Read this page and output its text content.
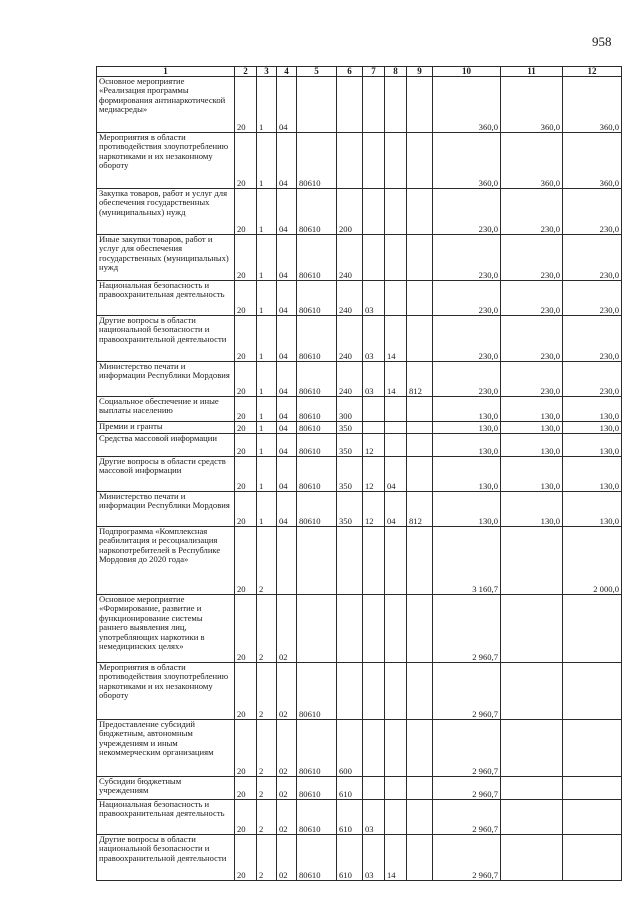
958
1	2	3	4	5	6	7	8	9	10	11	12
Основное мероприятие «Реализация программы формирования антинаркотической медиасреды»	20	1	04						360,0	360,0	360,0
Мероприятия в области противодействия злоупотреблению наркотиками и их незаконному обороту	20	1	04	80610					360,0	360,0	360,0
Закупка товаров, работ и услуг для обеспечения государственных (муниципальных) нужд	20	1	04	80610	200				230,0	230,0	230,0
Иные закупки товаров, работ и услуг для обеспечения государственных (муниципальных) нужд	20	1	04	80610	240				230,0	230,0	230,0
Национальная безопасность и правоохранительная деятельность	20	1	04	80610	240	03			230,0	230,0	230,0
Другие вопросы в области национальной безопасности и правоохранительной деятельности	20	1	04	80610	240	03	14		230,0	230,0	230,0
Министерство печати и информации Республики Мордовия	20	1	04	80610	240	03	14	812	230,0	230,0	230,0
Социальное обеспечение и иные выплаты населению	20	1	04	80610	300				130,0	130,0	130,0
Премии и гранты	20	1	04	80610	350				130,0	130,0	130,0
Средства массовой информации	20	1	04	80610	350	12			130,0	130,0	130,0
Другие вопросы в области средств массовой информации	20	1	04	80610	350	12	04		130,0	130,0	130,0
Министерство печати и информации Республики Мордовия	20	1	04	80610	350	12	04	812	130,0	130,0	130,0
Подпрограмма «Комплексная реабилитация и ресоциализация наркопотребителей в Республике Мордовия до 2020 года»	20	2							3 160,7		2 000,0
Основное мероприятие «Формирование, развитие и функционирование системы раннего выявления лиц, употребляющих наркотики в немедицинских целях»	20	2	02						2 960,7		
Мероприятия в области противодействия злоупотреблению наркотиками и их незаконному обороту	20	2	02	80610					2 960,7		
Предоставление субсидий бюджетным, автономным учреждениям и иным некоммерческим организациям	20	2	02	80610	600				2 960,7		
Субсидии бюджетным учреждениям	20	2	02	80610	610				2 960,7		
Национальная безопасность и правоохранительная деятельность	20	2	02	80610	610	03			2 960,7		
Другие вопросы в области национальной безопасности и правоохранительной деятельности	20	2	02	80610	610	03	14		2 960,7		
